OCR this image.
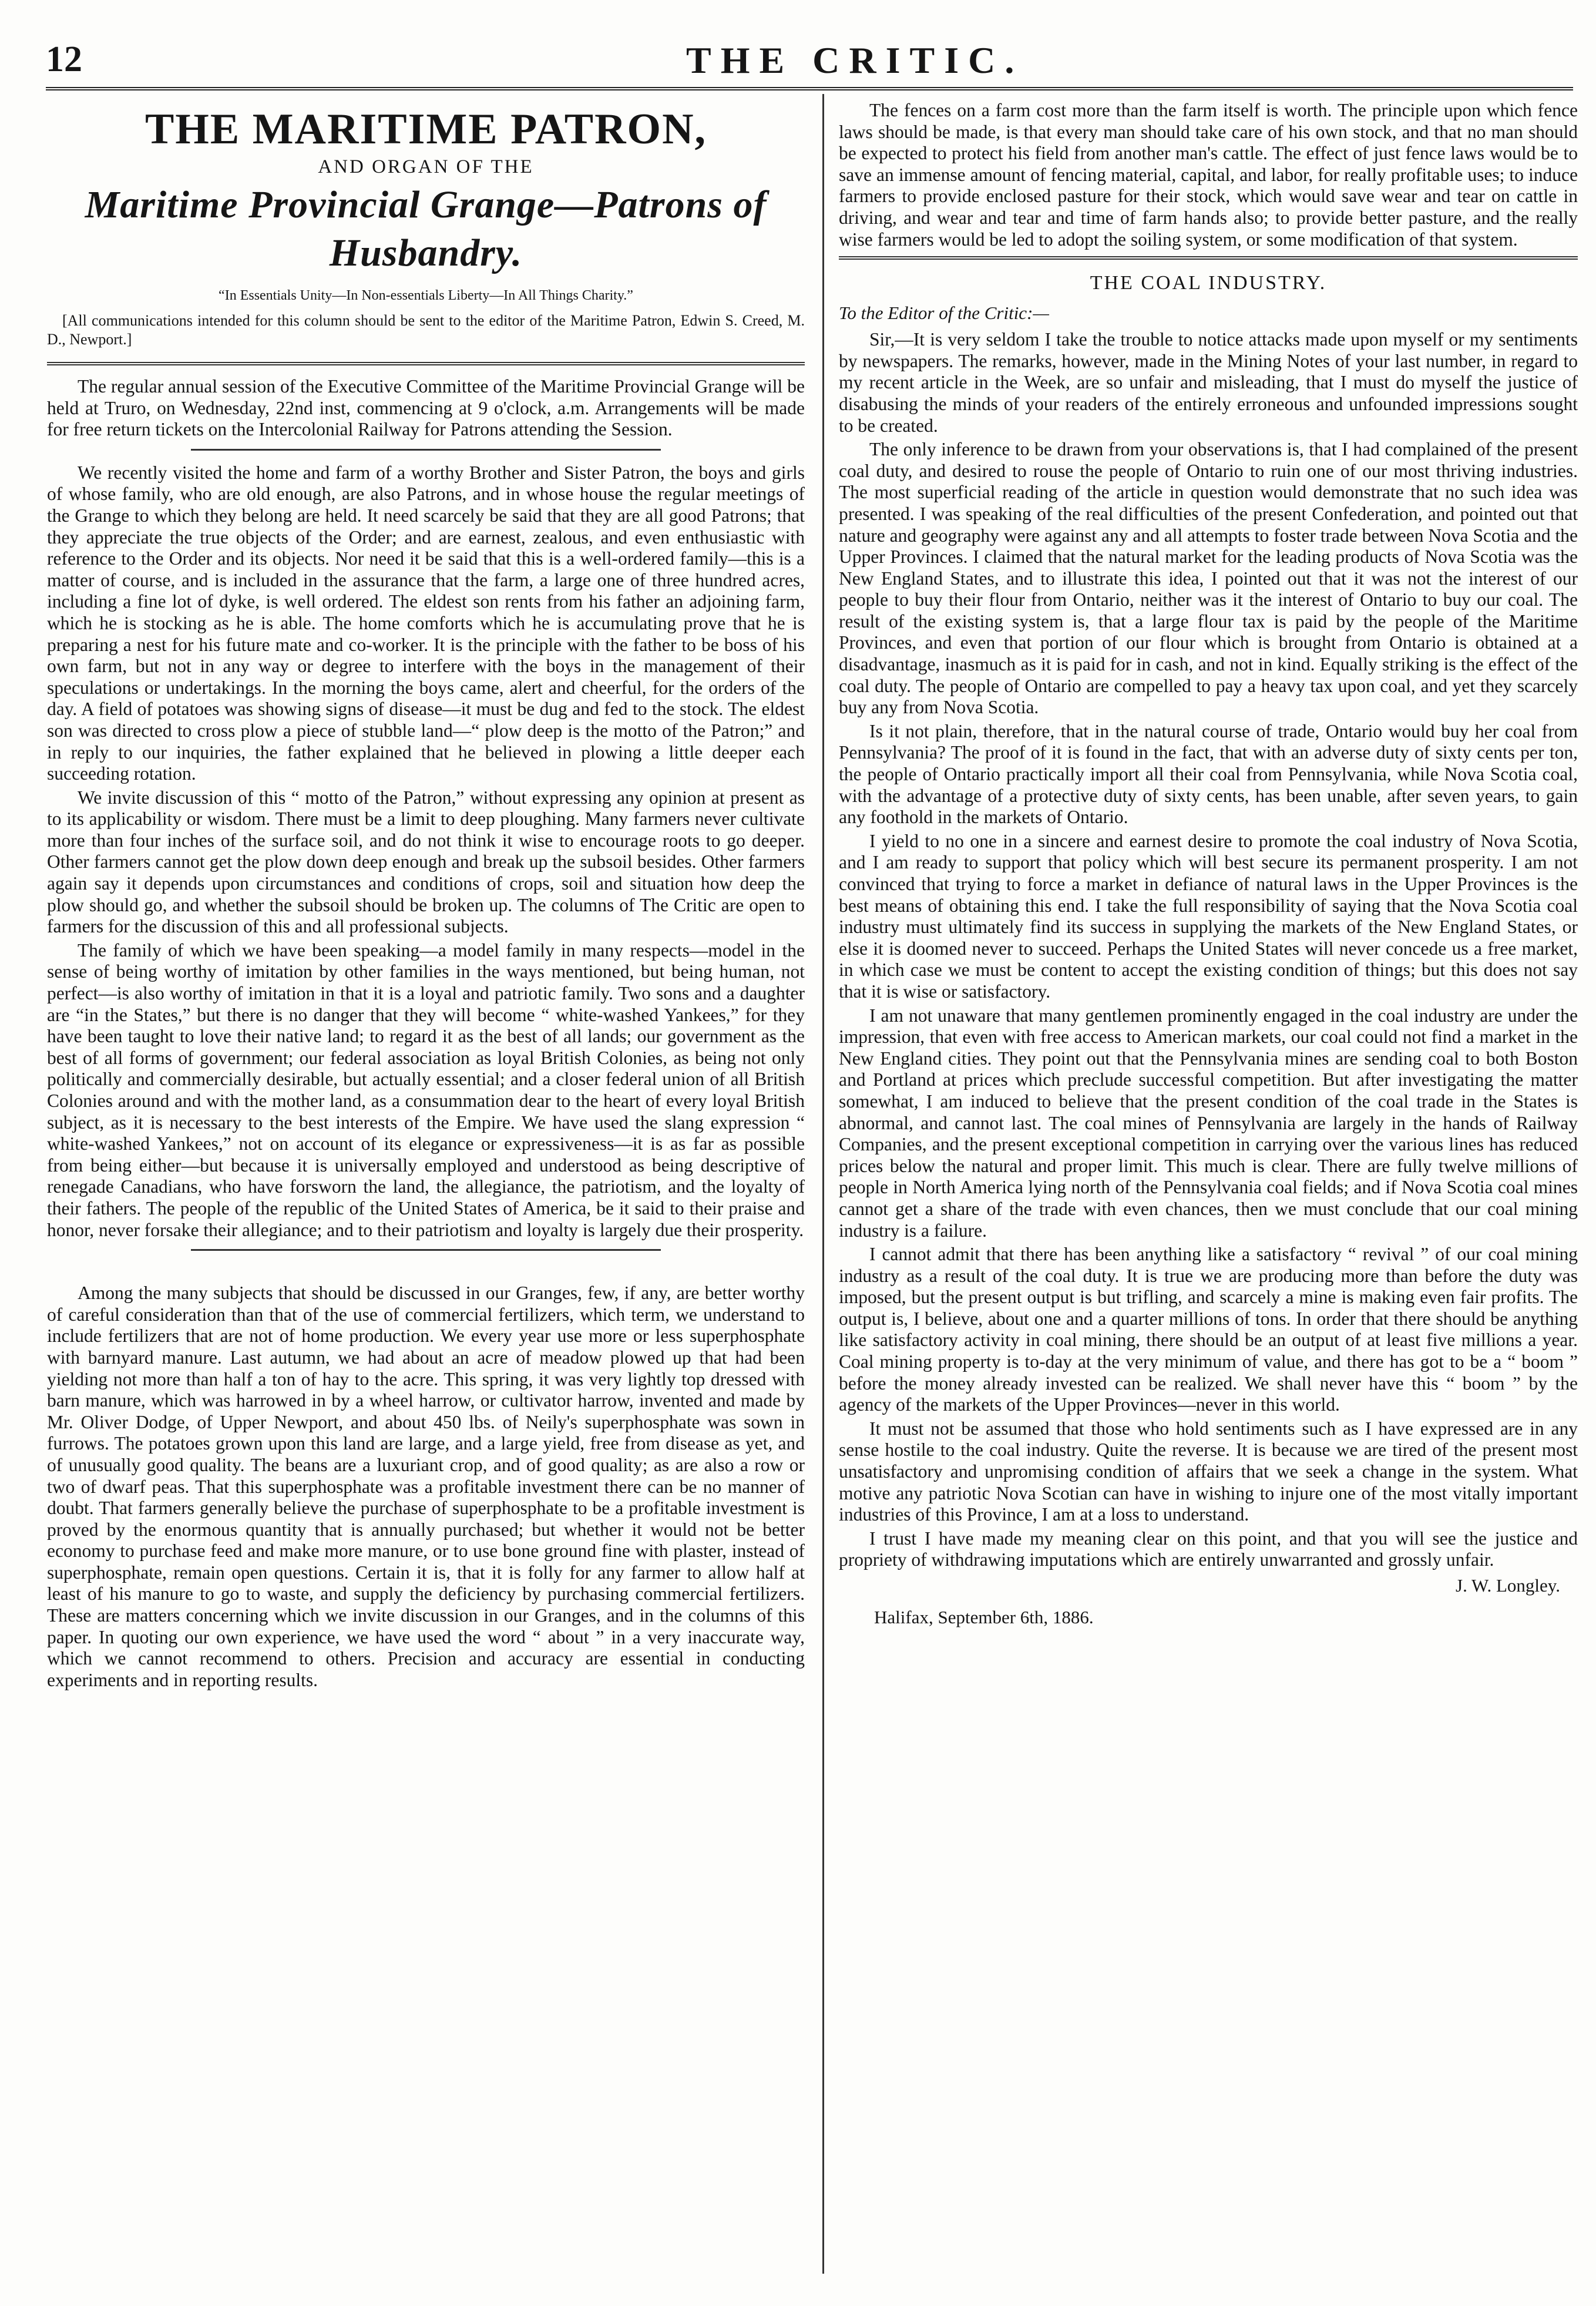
12	THE CRITIC.
THE MARITIME PATRON,
AND ORGAN OF THE
Maritime Provincial Grange—Patrons of Husbandry.
“In Essentials Unity—In Non-essentials Liberty—In All Things Charity.”
[All communications intended for this column should be sent to the editor of the Maritime Patron, Edwin S. Creed, M. D., Newport.]

The regular annual session of the Executive Committee of the Maritime Provincial Grange will be held at Truro, on Wednesday, 22nd inst, commencing at 9 o'clock, a.m. Arrangements will be made for free return tickets on the Intercolonial Railway for Patrons attending the Session.

We recently visited the home and farm of a worthy Brother and Sister Patron, the boys and girls of whose family, who are old enough, are also Patrons, and in whose house the regular meetings of the Grange to which they belong are held. It need scarcely be said that they are all good Patrons; that they appreciate the true objects of the Order; and are earnest, zealous, and even enthusiastic with reference to the Order and its objects. Nor need it be said that this is a well-ordered family—this is a matter of course, and is included in the assurance that the farm, a large one of three hundred acres, including a fine lot of dyke, is well ordered. The eldest son rents from his father an adjoining farm, which he is stocking as he is able. The home comforts which he is accumulating prove that he is preparing a nest for his future mate and co-worker. It is the principle with the father to be boss of his own farm, but not in any way or degree to interfere with the boys in the management of their speculations or undertakings. In the morning the boys came, alert and cheerful, for the orders of the day. A field of potatoes was showing signs of disease—it must be dug and fed to the stock. The eldest son was directed to cross plow a piece of stubble land—“ plow deep is the motto of the Patron;” and in reply to our inquiries, the father explained that he believed in plowing a little deeper each succeeding rotation.

We invite discussion of this “ motto of the Patron,” without expressing any opinion at present as to its applicability or wisdom. There must be a limit to deep ploughing. Many farmers never cultivate more than four inches of the surface soil, and do not think it wise to encourage roots to go deeper. Other farmers cannot get the plow down deep enough and break up the subsoil besides. Other farmers again say it depends upon circumstances and conditions of crops, soil and situation how deep the plow should go, and whether the subsoil should be broken up. The columns of The Critic are open to farmers for the discussion of this and all professional subjects.

The family of which we have been speaking—a model family in many respects—model in the sense of being worthy of imitation by other families in the ways mentioned, but being human, not perfect—is also worthy of imitation in that it is a loyal and patriotic family. Two sons and a daughter are “in the States,” but there is no danger that they will become “ white-washed Yankees,” for they have been taught to love their native land; to regard it as the best of all lands; our government as the best of all forms of government; our federal association as loyal British Colonies, as being not only politically and commercially desirable, but actually essential; and a closer federal union of all British Colonies around and with the mother land, as a consummation dear to the heart of every loyal British subject, as it is necessary to the best interests of the Empire. We have used the slang expression “ white-washed Yankees,” not on account of its elegance or expressiveness—it is as far as possible from being either—but because it is universally employed and understood as being descriptive of renegade Canadians, who have forsworn the land, the allegiance, the patriotism, and the loyalty of their fathers. The people of the republic of the United States of America, be it said to their praise and honor, never forsake their allegiance; and to their patriotism and loyalty is largely due their prosperity.

Among the many subjects that should be discussed in our Granges, few, if any, are better worthy of careful consideration than that of the use of commercial fertilizers, which term, we understand to include fertilizers that are not of home production. We every year use more or less superphosphate with barnyard manure. Last autumn, we had about an acre of meadow plowed up that had been yielding not more than half a ton of hay to the acre. This spring, it was very lightly top dressed with barn manure, which was harrowed in by a wheel harrow, or cultivator harrow, invented and made by Mr. Oliver Dodge, of Upper Newport, and about 450 lbs. of Neily's superphosphate was sown in furrows. The potatoes grown upon this land are large, and a large yield, free from disease as yet, and of unusually good quality. The beans are a luxuriant crop, and of good quality; as are also a row or two of dwarf peas. That this superphosphate was a profitable investment there can be no manner of doubt. That farmers generally believe the purchase of superphosphate to be a profitable investment is proved by the enormous quantity that is annually purchased; but whether it would not be better economy to purchase feed and make more manure, or to use bone ground fine with plaster, instead of superphosphate, remain open questions. Certain it is, that it is folly for any farmer to allow half at least of his manure to go to waste, and supply the deficiency by purchasing commercial fertilizers. These are matters concerning which we invite discussion in our Granges, and in the columns of this paper. In quoting our own experience, we have used the word “ about ” in a very inaccurate way, which we cannot recommend to others. Precision and accuracy are essential in conducting experiments and in reporting results.

The fences on a farm cost more than the farm itself is worth. The principle upon which fence laws should be made, is that every man should take care of his own stock, and that no man should be expected to protect his field from another man's cattle. The effect of just fence laws would be to save an immense amount of fencing material, capital, and labor, for really profitable uses; to induce farmers to provide enclosed pasture for their stock, which would save wear and tear on cattle in driving, and wear and tear and time of farm hands also; to provide better pasture, and the really wise farmers would be led to adopt the soiling system, or some modification of that system.

THE COAL INDUSTRY.
To the Editor of the Critic:—

Sir,—It is very seldom I take the trouble to notice attacks made upon myself or my sentiments by newspapers. The remarks, however, made in the Mining Notes of your last number, in regard to my recent article in the Week, are so unfair and misleading, that I must do myself the justice of disabusing the minds of your readers of the entirely erroneous and unfounded impressions sought to be created.

The only inference to be drawn from your observations is, that I had complained of the present coal duty, and desired to rouse the people of Ontario to ruin one of our most thriving industries. The most superficial reading of the article in question would demonstrate that no such idea was presented. I was speaking of the real difficulties of the present Confederation, and pointed out that nature and geography were against any and all attempts to foster trade between Nova Scotia and the Upper Provinces. I claimed that the natural market for the leading products of Nova Scotia was the New England States, and to illustrate this idea, I pointed out that it was not the interest of our people to buy their flour from Ontario, neither was it the interest of Ontario to buy our coal. The result of the existing system is, that a large flour tax is paid by the people of the Maritime Provinces, and even that portion of our flour which is brought from Ontario is obtained at a disadvantage, inasmuch as it is paid for in cash, and not in kind. Equally striking is the effect of the coal duty. The people of Ontario are compelled to pay a heavy tax upon coal, and yet they scarcely buy any from Nova Scotia.

Is it not plain, therefore, that in the natural course of trade, Ontario would buy her coal from Pennsylvania? The proof of it is found in the fact, that with an adverse duty of sixty cents per ton, the people of Ontario practically import all their coal from Pennsylvania, while Nova Scotia coal, with the advantage of a protective duty of sixty cents, has been unable, after seven years, to gain any foothold in the markets of Ontario.

I yield to no one in a sincere and earnest desire to promote the coal industry of Nova Scotia, and I am ready to support that policy which will best secure its permanent prosperity. I am not convinced that trying to force a market in defiance of natural laws in the Upper Provinces is the best means of obtaining this end. I take the full responsibility of saying that the Nova Scotia coal industry must ultimately find its success in supplying the markets of the New England States, or else it is doomed never to succeed. Perhaps the United States will never concede us a free market, in which case we must be content to accept the existing condition of things; but this does not say that it is wise or satisfactory.

I am not unaware that many gentlemen prominently engaged in the coal industry are under the impression, that even with free access to American markets, our coal could not find a market in the New England cities. They point out that the Pennsylvania mines are sending coal to both Boston and Portland at prices which preclude successful competition. But after investigating the matter somewhat, I am induced to believe that the present condition of the coal trade in the States is abnormal, and cannot last. The coal mines of Pennsylvania are largely in the hands of Railway Companies, and the present exceptional competition in carrying over the various lines has reduced prices below the natural and proper limit. This much is clear. There are fully twelve millions of people in North America lying north of the Pennsylvania coal fields; and if Nova Scotia coal mines cannot get a share of the trade with even chances, then we must conclude that our coal mining industry is a failure.

I cannot admit that there has been anything like a satisfactory “ revival ” of our coal mining industry as a result of the coal duty. It is true we are producing more than before the duty was imposed, but the present output is but trifling, and scarcely a mine is making even fair profits. The output is, I believe, about one and a quarter millions of tons. In order that there should be anything like satisfactory activity in coal mining, there should be an output of at least five millions a year. Coal mining property is to-day at the very minimum of value, and there has got to be a “ boom ” before the money already invested can be realized. We shall never have this “ boom ” by the agency of the markets of the Upper Provinces—never in this world.

It must not be assumed that those who hold sentiments such as I have expressed are in any sense hostile to the coal industry. Quite the reverse. It is because we are tired of the present most unsatisfactory and unpromising condition of affairs that we seek a change in the system. What motive any patriotic Nova Scotian can have in wishing to injure one of the most vitally important industries of this Province, I am at a loss to understand.

I trust I have made my meaning clear on this point, and that you will see the justice and propriety of withdrawing imputations which are entirely unwarranted and grossly unfair.

J. W. Longley.
Halifax, September 6th, 1886.
